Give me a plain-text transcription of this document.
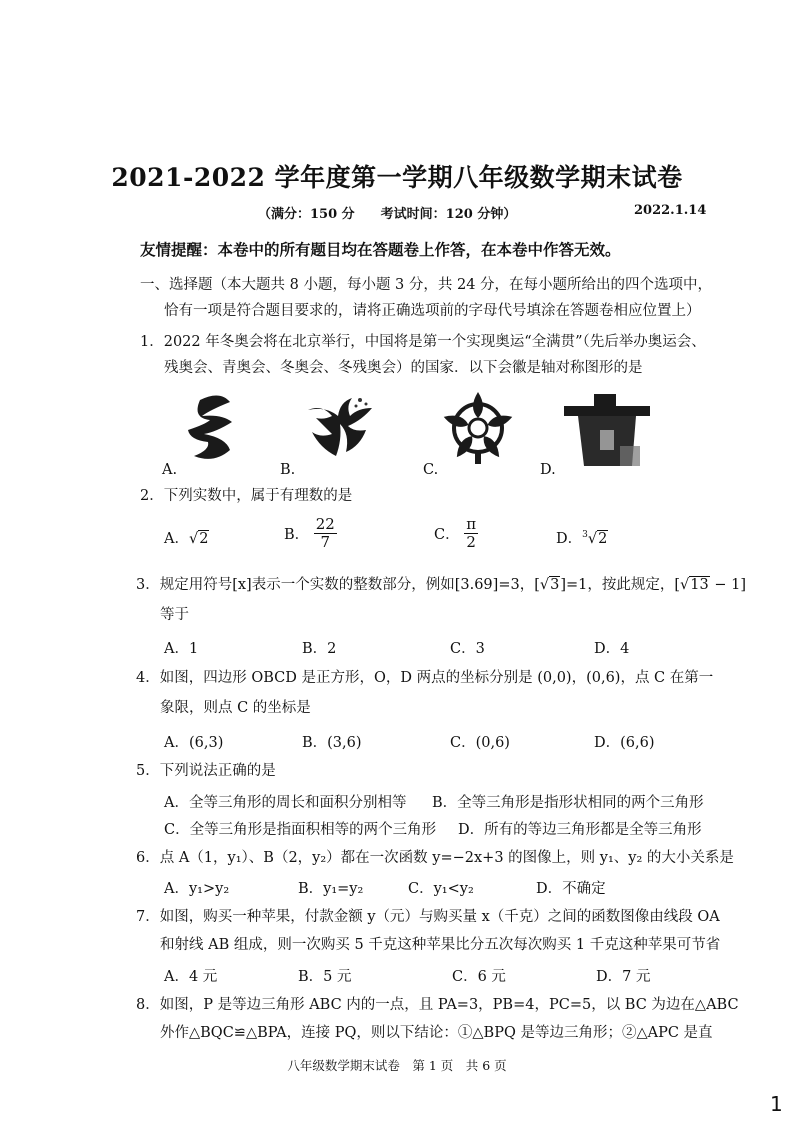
2021-2022 学年度第一学期八年级数学期末试卷
（满分：150 分　　考试时间：120 分钟）	2022.1.14
友情提醒：本卷中的所有题目均在答题卷上作答，在本卷中作答无效。
一、选择题（本大题共 8 小题，每小题 3 分，共 24 分，在每小题所给出的四个选项中，
恰有一项是符合题目要求的，请将正确选项前的字母代号填涂在答题卷相应位置上）
1．2022 年冬奥会将在北京举行，中国将是第一个实现奥运“全满贯”（先后举办奥运会、
残奥会、青奥会、冬奥会、冬残奥会）的国家．以下会徽是轴对称图形的是
A.	B.	C.	D.
2．下列实数中，属于有理数的是
A．√2	B． $\frac{22}{7}$	C． $\frac{\pi}{2}$	D．$^3$√2
3．规定用符号[x]表示一个实数的整数部分，例如[3.69]=3，[√3]=1，按此规定，[√13 − 1]
等于
A．1	B．2	C．3	D．4
4．如图，四边形 OBCD 是正方形，O，D 两点的坐标分别是 (0,0)，(0,6)，点 C 在第一
象限，则点 C 的坐标是
A．(6,3)	B．(3,6)	C．(0,6)	D．(6,6)
5．下列说法正确的是
A．全等三角形的周长和面积分别相等 B．全等三角形是指形状相同的两个三角形
C．全等三角形是指面积相等的两个三角形 D．所有的等边三角形都是全等三角形
6．点 A（1，y₁）、B（2，y₂）都在一次函数 y=−2x+3 的图像上，则 y₁、y₂ 的大小关系是
A．y₁>y₂	B．y₁=y₂	C．y₁<y₂	D．不确定
7．如图，购买一种苹果，付款金额 y（元）与购买量 x（千克）之间的函数图像由线段 OA
和射线 AB 组成，则一次购买 5 千克这种苹果比分五次每次购买 1 千克这种苹果可节省
A．4 元	B．5 元	C．6 元	D．7 元
8．如图，P 是等边三角形 ABC 内的一点，且 PA=3，PB=4，PC=5，以 BC 为边在△ABC
外作△BQC≌△BPA，连接 PQ，则以下结论：①△BPQ 是等边三角形；②△APC 是直
八年级数学期末试卷　第 1 页　共 6 页
1
